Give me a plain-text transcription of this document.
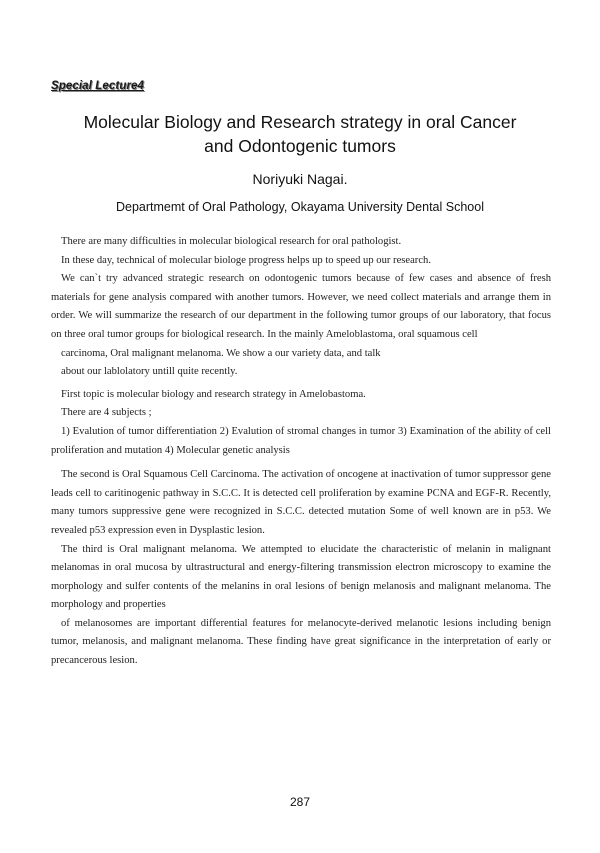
Special Lecture4
Molecular Biology and Research strategy in oral Cancer
and Odontogenic tumors
Noriyuki Nagai.
Departmemt of Oral Pathology, Okayama University Dental School

There are many difficulties in molecular biological research for oral pathologist.

In these day, technical of molecular biologe progress helps up to speed up our research.

We can`t try advanced strategic research on odontogenic tumors because of few cases and absence of fresh materials for gene analysis compared with another tumors. However, we need collect materials and arrange them in order. We will summarize the research of our department in the following tumor groups of our laboratory, that focus on three oral tumor groups for biological research. In the mainly Ameloblastoma, oral squamous cell

carcinoma, Oral malignant melanoma. We show a our variety data, and talk

about our lablolatory untill quite recently.

First topic is molecular biology and research strategy in Amelobastoma.

There are 4 subjects ;

1) Evalution of tumor differentiation 2) Evalution of stromal changes in tumor 3) Examination of the ability of cell proliferation and mutation 4) Molecular genetic analysis

The second is Oral Squamous Cell Carcinoma. The activation of oncogene at inactivation of tumor suppressor gene leads cell to caritinogenic pathway in S.C.C. It is detected cell proliferation by examine PCNA and EGF-R. Recently, many tumors suppressive gene were recognized in S.C.C. detected mutation Some of well known are in p53. We revealed p53 expression even in Dysplastic lesion.

The third is Oral malignant melanoma. We attempted to elucidate the characteristic of melanin in malignant melanomas in oral mucosa by ultrastructural and energy-filtering transmission electron microscopy to examine the morphology and sulfer contents of the melanins in oral lesions of benign melanosis and malignant melanoma. The morphology and properties

of melanosomes are important differential features for melanocyte-derived melanotic lesions including benign tumor, melanosis, and malignant melanoma. These finding have great significance in the interpretation of early or precancerous lesion.

287
